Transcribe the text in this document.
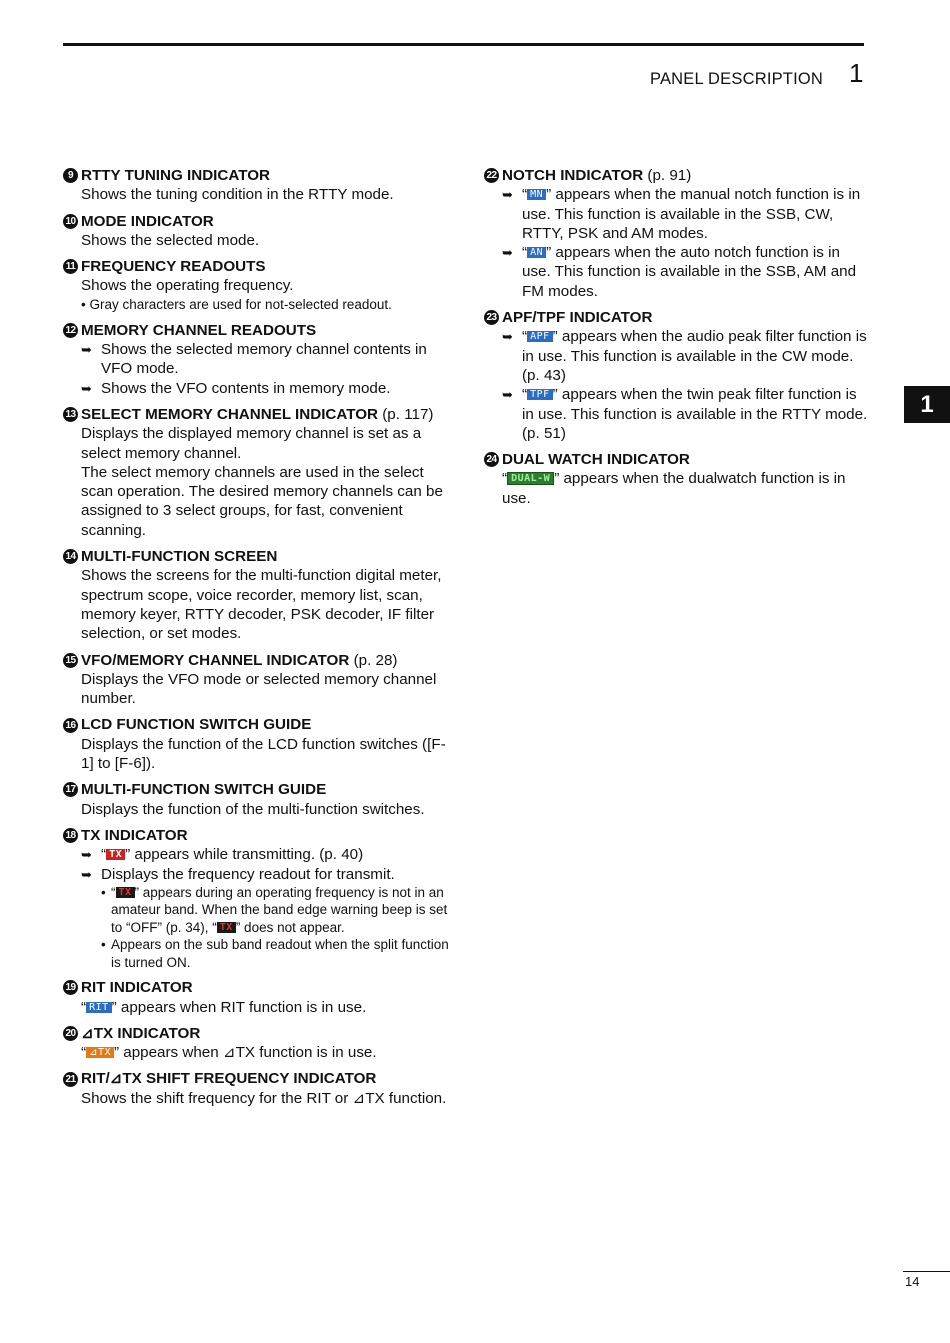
PANEL DESCRIPTION 1
1
9 RTTY TUNING INDICATOR
Shows the tuning condition in the RTTY mode.
10 MODE INDICATOR
Shows the selected mode.
11 FREQUENCY READOUTS
Shows the operating frequency.
• Gray characters are used for not-selected readout.
12 MEMORY CHANNEL READOUTS
➥ Shows the selected memory channel contents in VFO mode.
➥ Shows the VFO contents in memory mode.
13 SELECT MEMORY CHANNEL INDICATOR (p. 117)
Displays the displayed memory channel is set as a select memory channel.
The select memory channels are used in the select scan operation. The desired memory channels can be assigned to 3 select groups, for fast, convenient scanning.
14 MULTI-FUNCTION SCREEN
Shows the screens for the multi-function digital meter, spectrum scope, voice recorder, memory list, scan, memory keyer, RTTY decoder, PSK decoder, IF filter selection, or set modes.
15 VFO/MEMORY CHANNEL INDICATOR (p. 28)
Displays the VFO mode or selected memory channel number.
16 LCD FUNCTION SWITCH GUIDE
Displays the function of the LCD function switches ([F-1] to [F-6]).
17 MULTI-FUNCTION SWITCH GUIDE
Displays the function of the multi-function switches.
18 TX INDICATOR
➥ “ TX ” appears while transmitting. (p. 40)
➥ Displays the frequency readout for transmit.
• “ TX ” appears during an operating frequency is not in an amateur band. When the band edge warning beep is set to “OFF” (p. 34), “ TX ” does not appear.
• Appears on the sub band readout when the split function is turned ON.
19 RIT INDICATOR
“ RIT ” appears when RIT function is in use.
20 ⊿TX INDICATOR
“ ⊿TX ” appears when ⊿TX function is in use.
21 RIT/⊿TX SHIFT FREQUENCY INDICATOR
Shows the shift frequency for the RIT or ⊿TX function.
22 NOTCH INDICATOR (p. 91)
➥ “ MN ” appears when the manual notch function is in use. This function is available in the SSB, CW, RTTY, PSK and AM modes.
➥ “ AN ” appears when the auto notch function is in use. This function is available in the SSB, AM and FM modes.
23 APF/TPF INDICATOR
➥ “ APF ” appears when the audio peak filter function is in use. This function is available in the CW mode. (p. 43)
➥ “ TPF ” appears when the twin peak filter function is in use. This function is available in the RTTY mode. (p. 51)
24 DUAL WATCH INDICATOR
“ DUAL-W ” appears when the dualwatch function is in use.
14
